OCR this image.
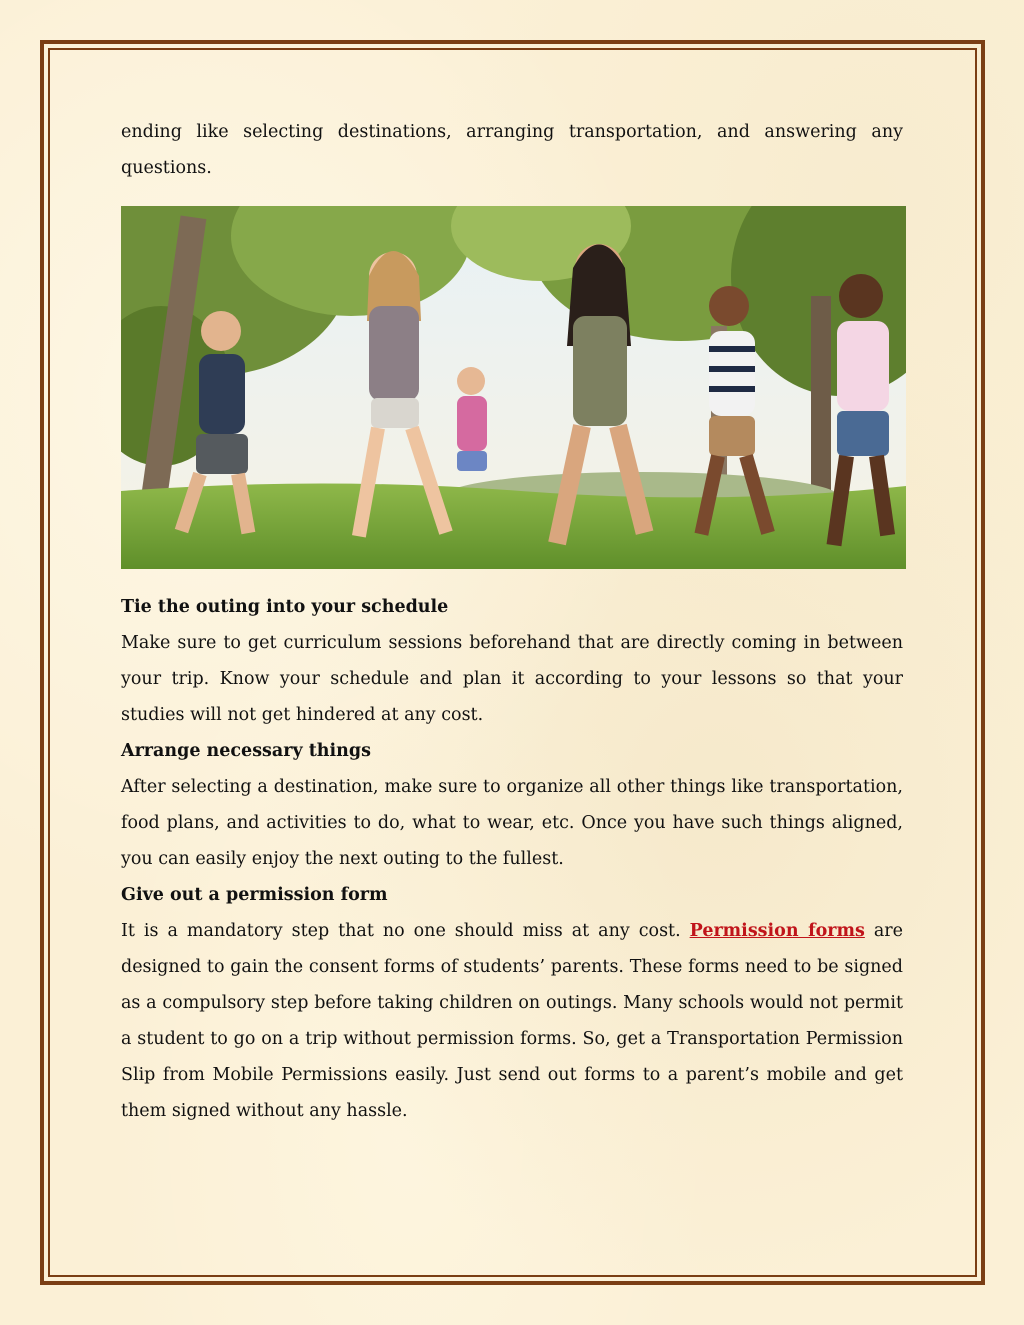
ending like selecting destinations, arranging transportation, and answering any questions.

Tie the outing into your schedule

Make sure to get curriculum sessions beforehand that are directly coming in between your trip. Know your schedule and plan it according to your lessons so that your studies will not get hindered at any cost.

Arrange necessary things

After selecting a destination, make sure to organize all other things like transportation, food plans, and activities to do, what to wear, etc. Once you have such things aligned, you can easily enjoy the next outing to the fullest.

Give out a permission form

It is a mandatory step that no one should miss at any cost. Permission forms are designed to gain the consent forms of students’ parents. These forms need to be signed as a compulsory step before taking children on outings. Many schools would not permit a student to go on a trip without permission forms. So, get a Transportation Permission Slip from Mobile Permissions easily. Just send out forms to a parent’s mobile and get them signed without any hassle.
